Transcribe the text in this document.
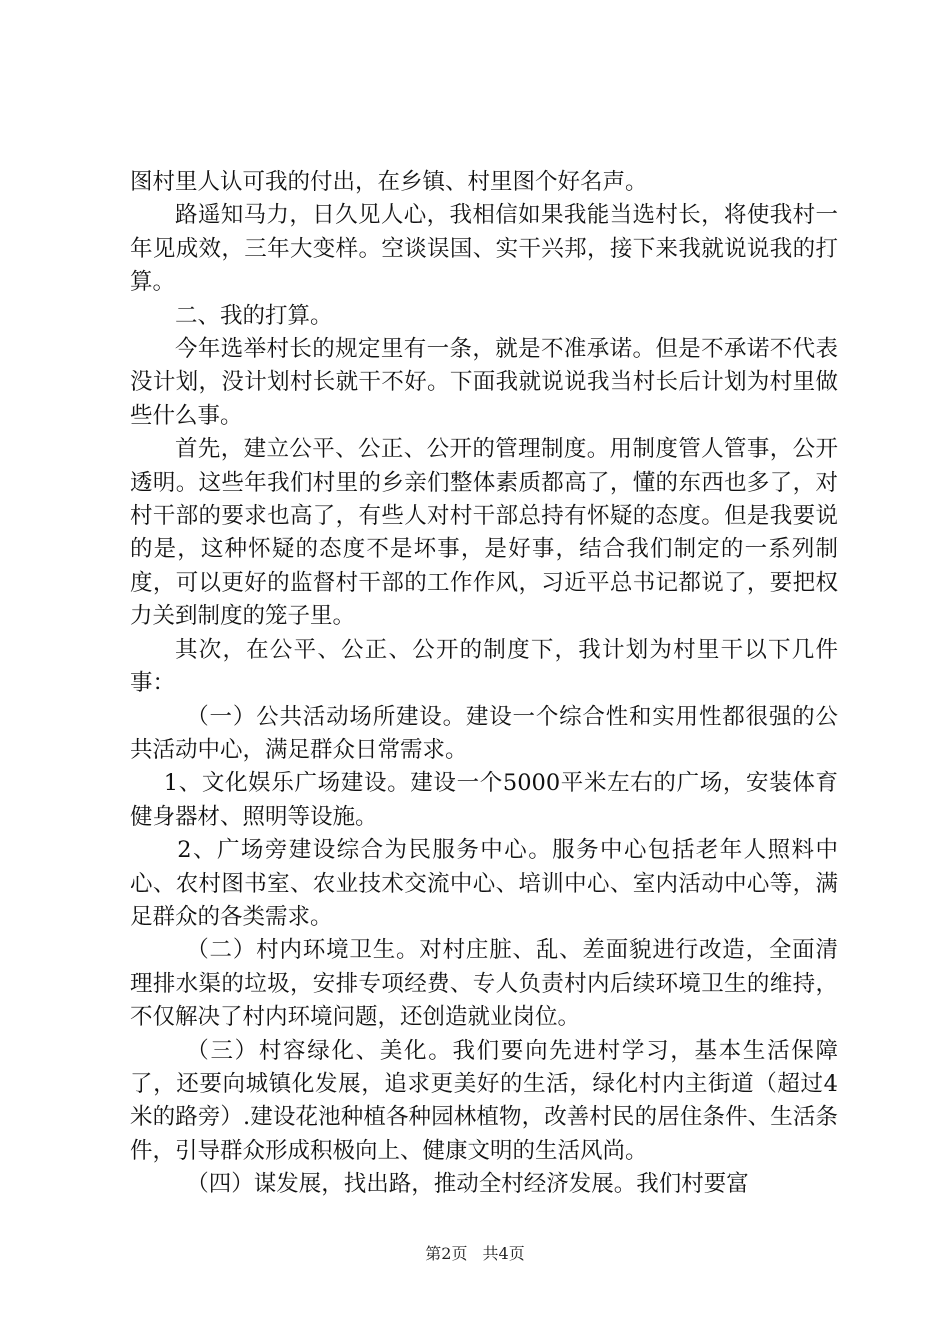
图村里人认可我的付出，在乡镇、村里图个好名声。

路遥知马力，日久见人心，我相信如果我能当选村长，将使我村一年见成效，三年大变样。空谈误国、实干兴邦，接下来我就说说我的打算。

二、我的打算。

今年选举村长的规定里有一条，就是不准承诺。但是不承诺不代表没计划，没计划村长就干不好。下面我就说说我当村长后计划为村里做些什么事。

首先，建立公平、公正、公开的管理制度。用制度管人管事，公开透明。这些年我们村里的乡亲们整体素质都高了，懂的东西也多了，对村干部的要求也高了，有些人对村干部总持有怀疑的态度。但是我要说的是，这种怀疑的态度不是坏事，是好事，结合我们制定的一系列制度，可以更好的监督村干部的工作作风，习近平总书记都说了，要把权力关到制度的笼子里。

其次，在公平、公正、公开的制度下，我计划为村里干以下几件事：

（一）公共活动场所建设。建设一个综合性和实用性都很强的公共活动中心，满足群众日常需求。

1、文化娱乐广场建设。建设一个5000平米左右的广场，安装体育健身器材、照明等设施。

2、广场旁建设综合为民服务中心。服务中心包括老年人照料中心、农村图书室、农业技术交流中心、培训中心、室内活动中心等，满足群众的各类需求。

（二）村内环境卫生。对村庄脏、乱、差面貌进行改造，全面清理排水渠的垃圾，安排专项经费、专人负责村内后续环境卫生的维持，不仅解决了村内环境问题，还创造就业岗位。

（三）村容绿化、美化。我们要向先进村学习，基本生活保障了，还要向城镇化发展，追求更美好的生活，绿化村内主街道（超过4米的路旁）.建设花池种植各种园林植物，改善村民的居住条件、生活条件，引导群众形成积极向上、健康文明的生活风尚。

（四）谋发展，找出路，推动全村经济发展。我们村要富

第2页 共4页
